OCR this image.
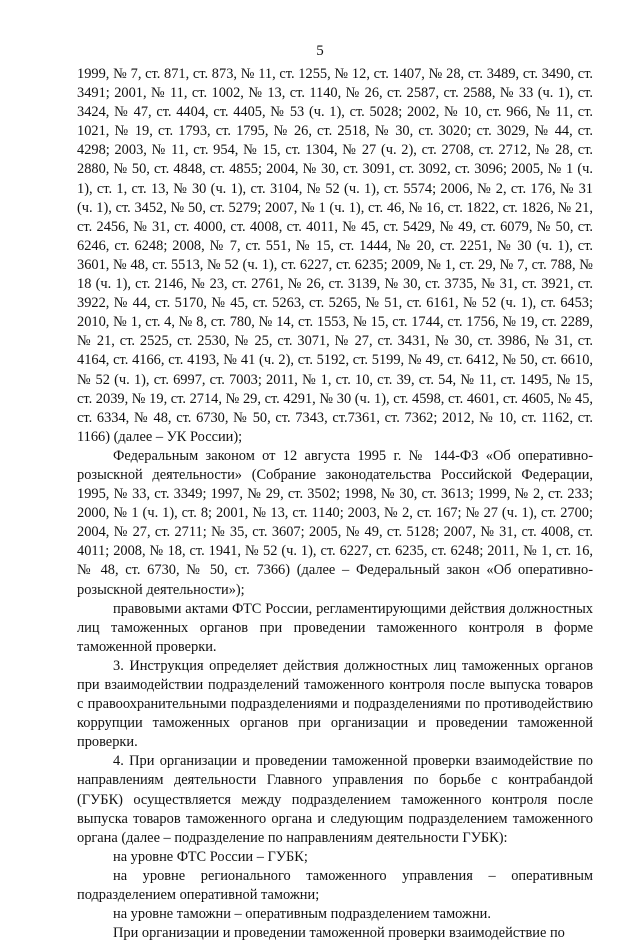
5

1999, № 7, ст. 871, ст. 873, № 11, ст. 1255, № 12, ст. 1407, № 28, ст. 3489, ст. 3490, ст. 3491; 2001, № 11, ст. 1002, № 13, ст. 1140, № 26, ст. 2587, ст. 2588, № 33 (ч. 1), ст. 3424, № 47, ст. 4404, ст. 4405, № 53 (ч. 1), ст. 5028; 2002, № 10, ст. 966, № 11, ст. 1021, № 19, ст. 1793, ст. 1795, № 26, ст. 2518, № 30, ст. 3020; ст. 3029, № 44, ст. 4298; 2003, № 11, ст. 954, № 15, ст. 1304, № 27 (ч. 2), ст. 2708, ст. 2712, № 28, ст. 2880, № 50, ст. 4848, ст. 4855; 2004, № 30, ст. 3091, ст. 3092, ст. 3096; 2005, № 1 (ч. 1), ст. 1, ст. 13, № 30 (ч. 1), ст. 3104, № 52 (ч. 1), ст. 5574; 2006, № 2, ст. 176, № 31 (ч. 1), ст. 3452, № 50, ст. 5279; 2007, № 1 (ч. 1), ст. 46, № 16, ст. 1822, ст. 1826, № 21, ст. 2456, № 31, ст. 4000, ст. 4008, ст. 4011, № 45, ст. 5429, № 49, ст. 6079, № 50, ст. 6246, ст. 6248; 2008, № 7, ст. 551, № 15, ст. 1444, № 20, ст. 2251, № 30 (ч. 1), ст. 3601, № 48, ст. 5513, № 52 (ч. 1), ст. 6227, ст. 6235; 2009, № 1, ст. 29, № 7, ст. 788, № 18 (ч. 1), ст. 2146, № 23, ст. 2761, № 26, ст. 3139, № 30, ст. 3735, № 31, ст. 3921, ст. 3922, № 44, ст. 5170, № 45, ст. 5263, ст. 5265, № 51, ст. 6161, № 52 (ч. 1), ст. 6453; 2010, № 1, ст. 4, № 8, ст. 780, № 14, ст. 1553, № 15, ст. 1744, ст. 1756, № 19, ст. 2289, № 21, ст. 2525, ст. 2530, № 25, ст. 3071, № 27, ст. 3431, № 30, ст. 3986, № 31, ст. 4164, ст. 4166, ст. 4193, № 41 (ч. 2), ст. 5192, ст. 5199, № 49, ст. 6412, № 50, ст. 6610, № 52 (ч. 1), ст. 6997, ст. 7003; 2011, № 1, ст. 10, ст. 39, ст. 54, № 11, ст. 1495, № 15, ст. 2039, № 19, ст. 2714, № 29, ст. 4291, № 30 (ч. 1), ст. 4598, ст. 4601, ст. 4605, № 45, ст. 6334, № 48, ст. 6730, № 50, ст. 7343, ст.7361, ст. 7362; 2012, № 10, ст. 1162, ст. 1166) (далее – УК России);

Федеральным законом от 12 августа 1995 г. № 144-ФЗ «Об оперативно-розыскной деятельности» (Собрание законодательства Российской Федерации, 1995, № 33, ст. 3349; 1997, № 29, ст. 3502; 1998, № 30, ст. 3613; 1999, № 2, ст. 233; 2000, № 1 (ч. 1), ст. 8; 2001, № 13, ст. 1140; 2003, № 2, ст. 167; № 27 (ч. 1), ст. 2700; 2004, № 27, ст. 2711; № 35, ст. 3607; 2005, № 49, ст. 5128; 2007, № 31, ст. 4008, ст. 4011; 2008, № 18, ст. 1941, № 52 (ч. 1), ст. 6227, ст. 6235, ст. 6248; 2011, № 1, ст. 16, № 48, ст. 6730, № 50, ст. 7366) (далее – Федеральный закон «Об оперативно-розыскной деятельности»);

правовыми актами ФТС России, регламентирующими действия должностных лиц таможенных органов при проведении таможенного контроля в форме таможенной проверки.

3. Инструкция определяет действия должностных лиц таможенных органов при взаимодействии подразделений таможенного контроля после выпуска товаров с правоохранительными подразделениями и подразделениями по противодействию коррупции таможенных органов при организации и проведении таможенной проверки.

4. При организации и проведении таможенной проверки взаимодействие по направлениям деятельности Главного управления по борьбе с контрабандой (ГУБК) осуществляется между подразделением таможенного контроля после выпуска товаров таможенного органа и следующим подразделением таможенного органа (далее – подразделение по направлениям деятельности ГУБК):

на уровне ФТС России – ГУБК;

на уровне регионального таможенного управления – оперативным подразделением оперативной таможни;

на уровне таможни – оперативным подразделением таможни.

При организации и проведении таможенной проверки взаимодействие по
